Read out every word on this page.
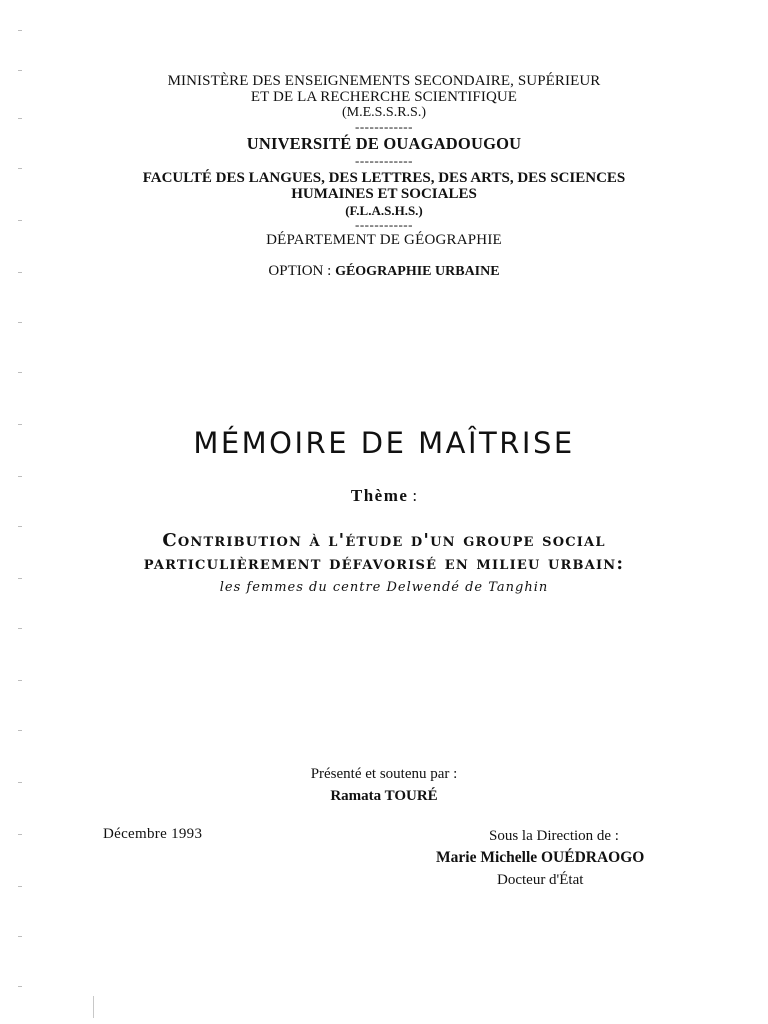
MINISTÈRE DES ENSEIGNEMENTS SECONDAIRE, SUPÉRIEUR
ET DE LA RECHERCHE SCIENTIFIQUE
(M.E.S.S.R.S.)
------------
UNIVERSITÉ DE OUAGADOUGOU
------------
FACULTÉ DES LANGUES, DES LETTRES, DES ARTS, DES SCIENCES
HUMAINES ET SOCIALES
(F.L.A.S.H.S.)
------------
DÉPARTEMENT DE GÉOGRAPHIE
OPTION : GÉOGRAPHIE URBAINE
MÉMOIRE DE MAÎTRISE
Thème :
Contribution à l'étude d'un groupe social
particulièrement défavorisé en milieu urbain:
les femmes du centre Delwendé de Tanghin
Présenté et soutenu par :
Ramata TOURÉ
Décembre 1993	Sous la Direction de :
Marie Michelle OUÉDRAOGO
Docteur d'État
